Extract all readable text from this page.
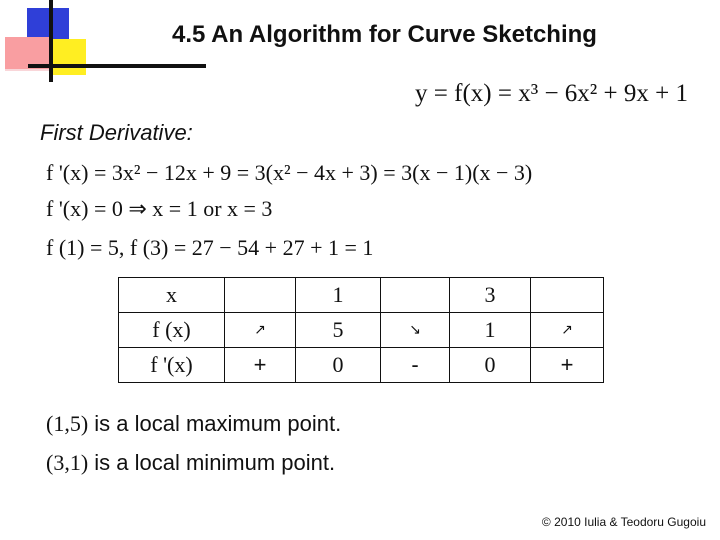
4.5 An Algorithm for Curve Sketching
y = f(x) = x³ − 6x² + 9x + 1
First Derivative:
f '(x) = 3x² − 12x + 9 = 3(x² − 4x + 3) = 3(x − 1)(x − 3)
f '(x) = 0 ⇒ x = 1 or x = 3
f (1) = 5, f (3) = 27 − 54 + 27 + 1 = 1
x		1		3	
f (x)	↗	5	↘	1	↗
f '(x)	+	0	-	0	+
(1,5) is a local maximum point.
(3,1) is a local minimum point.
© 2010 Iulia & Teodoru Gugoiu
